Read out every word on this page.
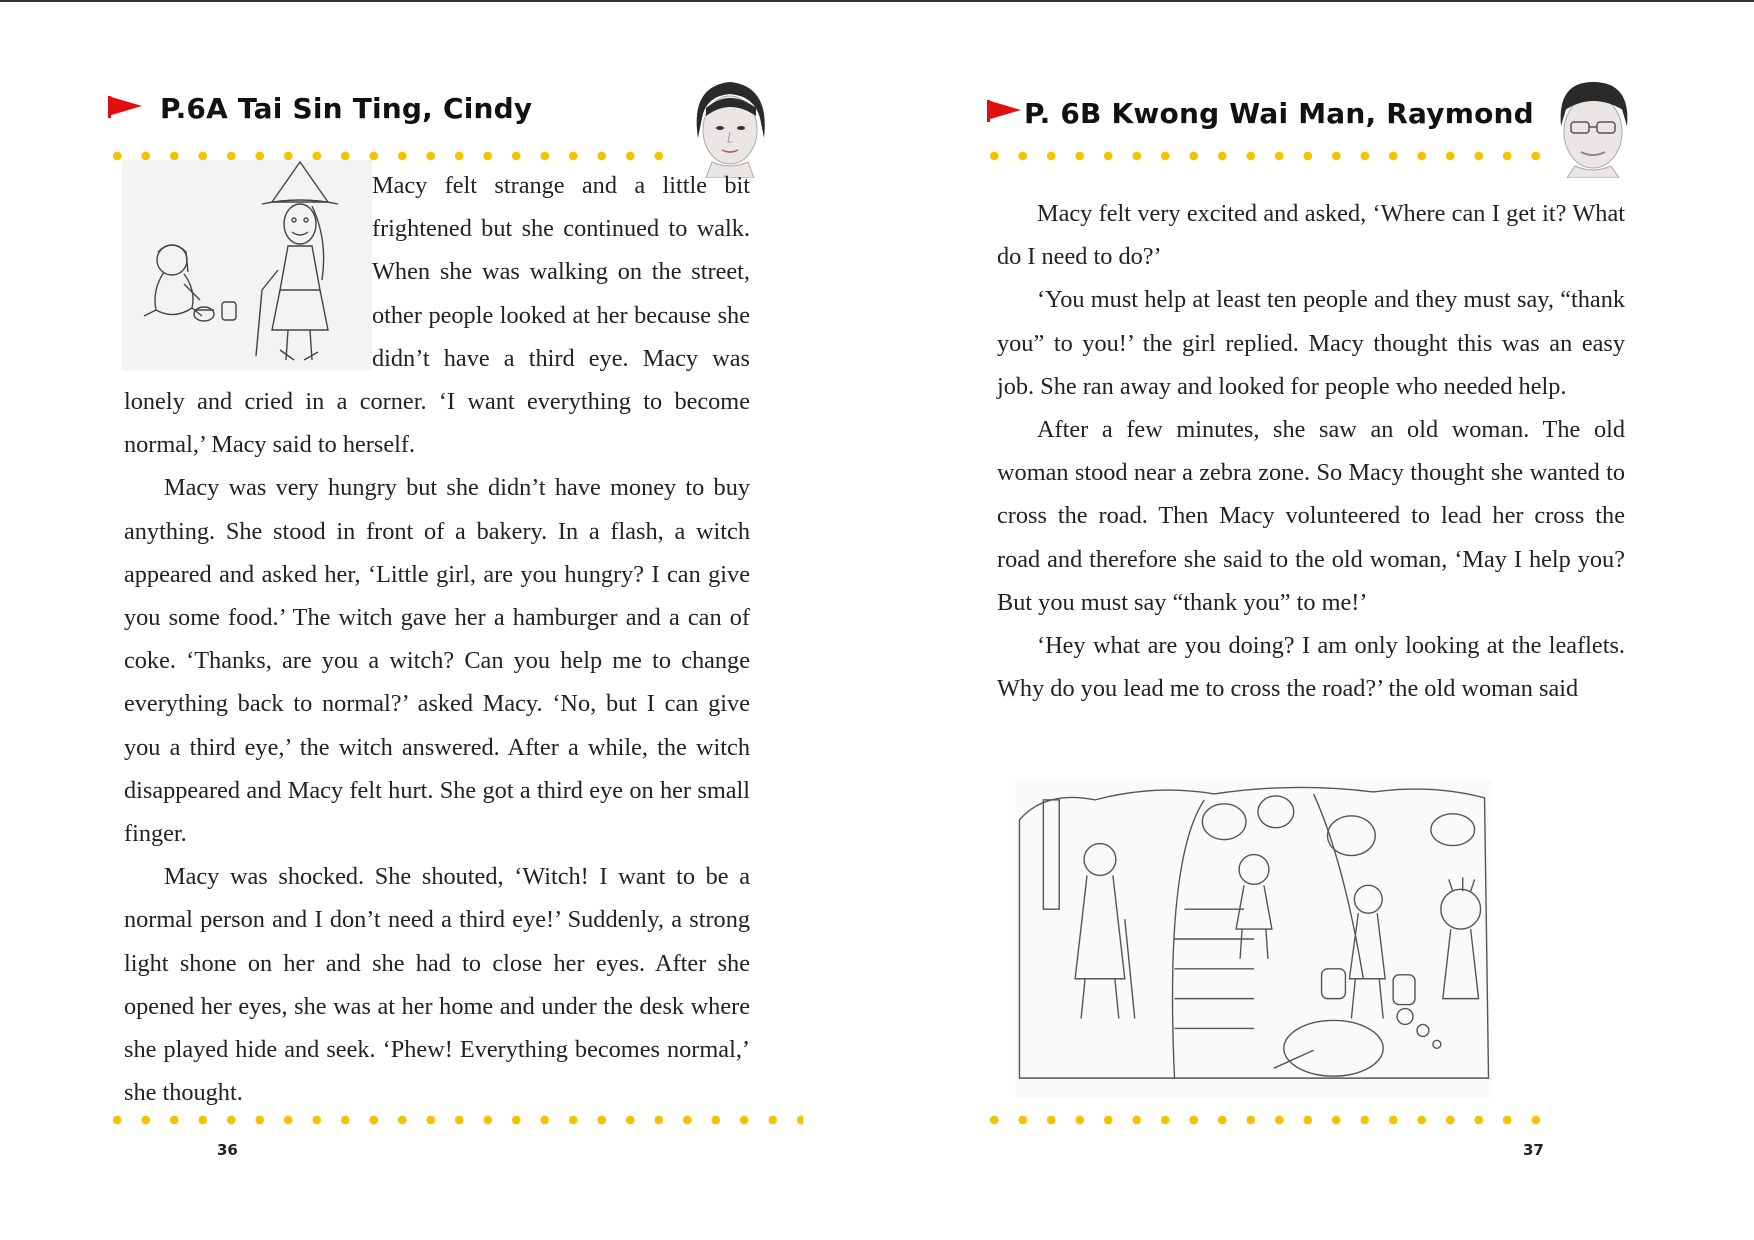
P.6A Tai Sin Ting, Cindy

Macy felt strange and a little bit frightened but she continued to walk. When she was walking on the street, other people looked at her because she didn’t have a third eye. Macy was lonely and cried in a corner. ‘I want everything to become normal,’ Macy said to herself.

Macy was very hungry but she didn’t have money to buy anything. She stood in front of a bakery. In a flash, a witch appeared and asked her, ‘Little girl, are you hungry? I can give you some food.’ The witch gave her a hamburger and a can of coke. ‘Thanks, are you a witch? Can you help me to change everything back to normal?’ asked Macy. ‘No, but I can give you a third eye,’ the witch answered. After a while, the witch disappeared and Macy felt hurt. She got a third eye on her small finger.

Macy was shocked. She shouted, ‘Witch! I want to be a normal person and I don’t need a third eye!’ Suddenly, a strong light shone on her and she had to close her eyes. After she opened her eyes, she was at her home and under the desk where she played hide and seek. ‘Phew! Everything becomes normal,’ she thought.

36
P. 6B Kwong Wai Man, Raymond

Macy felt very excited and asked, ‘Where can I get it? What do I need to do?’

‘You must help at least ten people and they must say, “thank you” to you!’ the girl replied. Macy thought this was an easy job. She ran away and looked for people who needed help.

After a few minutes, she saw an old woman. The old woman stood near a zebra zone. So Macy thought she wanted to cross the road. Then Macy volunteered to lead her cross the road and therefore she said to the old woman, ‘May I help you? But you must say “thank you” to me!’

‘Hey what are you doing? I am only looking at the leaflets. Why do you lead me to cross the road?’ the old woman said

37
